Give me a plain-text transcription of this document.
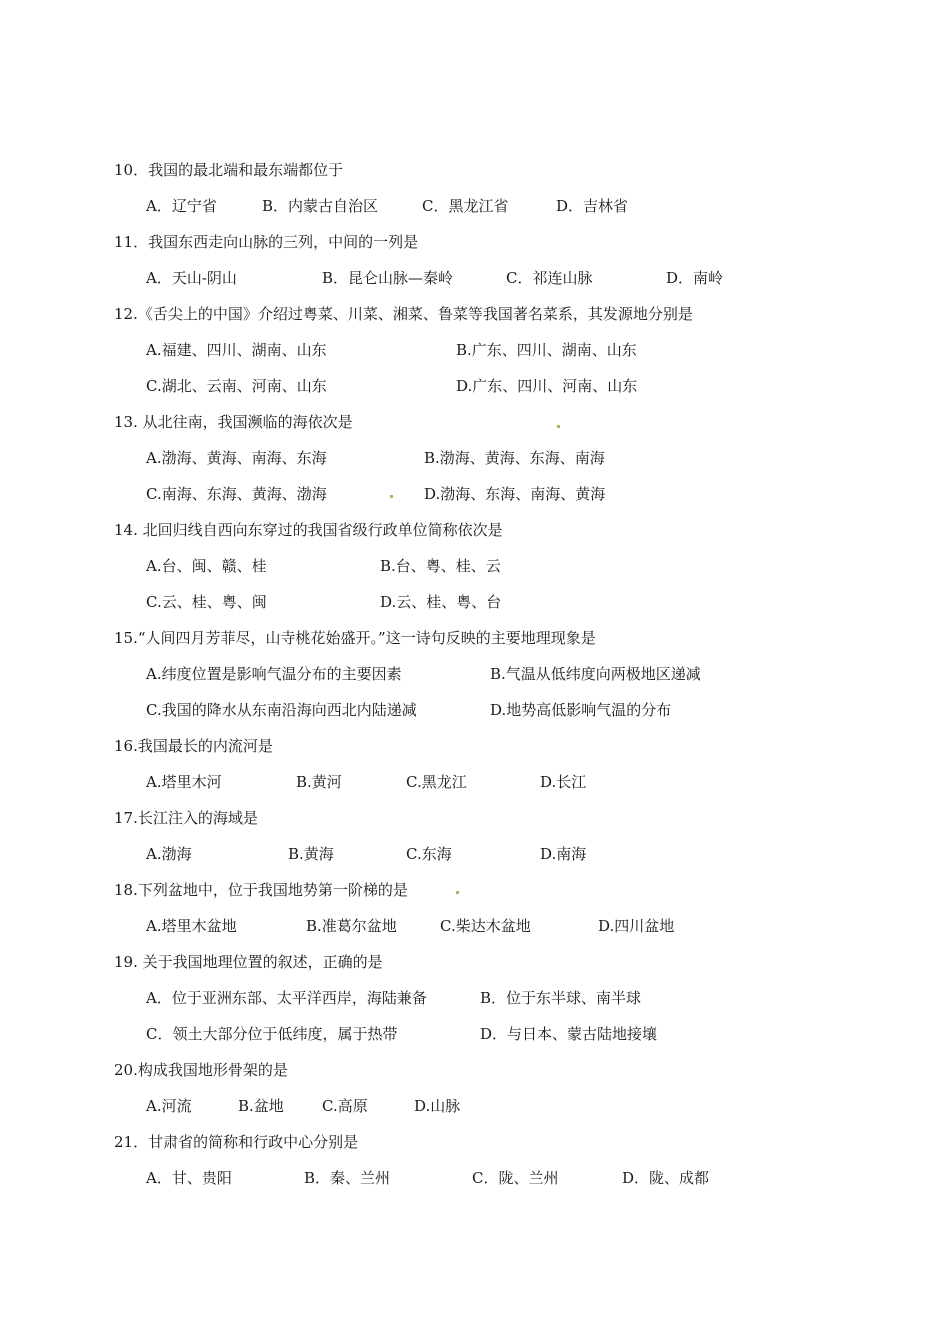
10．我国的最北端和最东端都位于
A．辽宁省	B．内蒙古自治区	C．黑龙江省	D．吉林省
11．我国东西走向山脉的三列，中间的一列是
A．天山-阴山	B．昆仑山脉—秦岭	C．祁连山脉	D．南岭
12.《舌尖上的中国》介绍过粤菜、川菜、湘菜、鲁菜等我国著名菜系，其发源地分别是
A.福建、四川、湖南、山东	B.广东、四川、湖南、山东
C.湖北、云南、河南、山东	D.广东、四川、河南、山东
13. 从北往南，我国濒临的海依次是
A.渤海、黄海、南海、东海	B.渤海、黄海、东海、南海
C.南海、东海、黄海、渤海	D.渤海、东海、南海、黄海
14. 北回归线自西向东穿过的我国省级行政单位简称依次是
A.台、闽、赣、桂	B.台、粤、桂、云
C.云、桂、粤、闽	D.云、桂、粤、台
15.“人间四月芳菲尽，山寺桃花始盛开。”这一诗句反映的主要地理现象是
A.纬度位置是影响气温分布的主要因素	B.气温从低纬度向两极地区递减
C.我国的降水从东南沿海向西北内陆递减	D.地势高低影响气温的分布
16.我国最长的内流河是
A.塔里木河	B.黄河	C.黑龙江	D.长江
17.长江注入的海域是
A.渤海	B.黄海	C.东海	D.南海
18.下列盆地中，位于我国地势第一阶梯的是
A.塔里木盆地	B.准葛尔盆地	C.柴达木盆地	D.四川盆地
19. 关于我国地理位置的叙述，正确的是
A．位于亚洲东部、太平洋西岸，海陆兼备	B．位于东半球、南半球
C．领土大部分位于低纬度，属于热带	D．与日本、蒙古陆地接壤
20.构成我国地形骨架的是
A.河流	B.盆地	C.高原	D.山脉
21．甘肃省的简称和行政中心分别是
A．甘、贵阳	B．秦、兰州	C．陇、兰州	D．陇、成都
